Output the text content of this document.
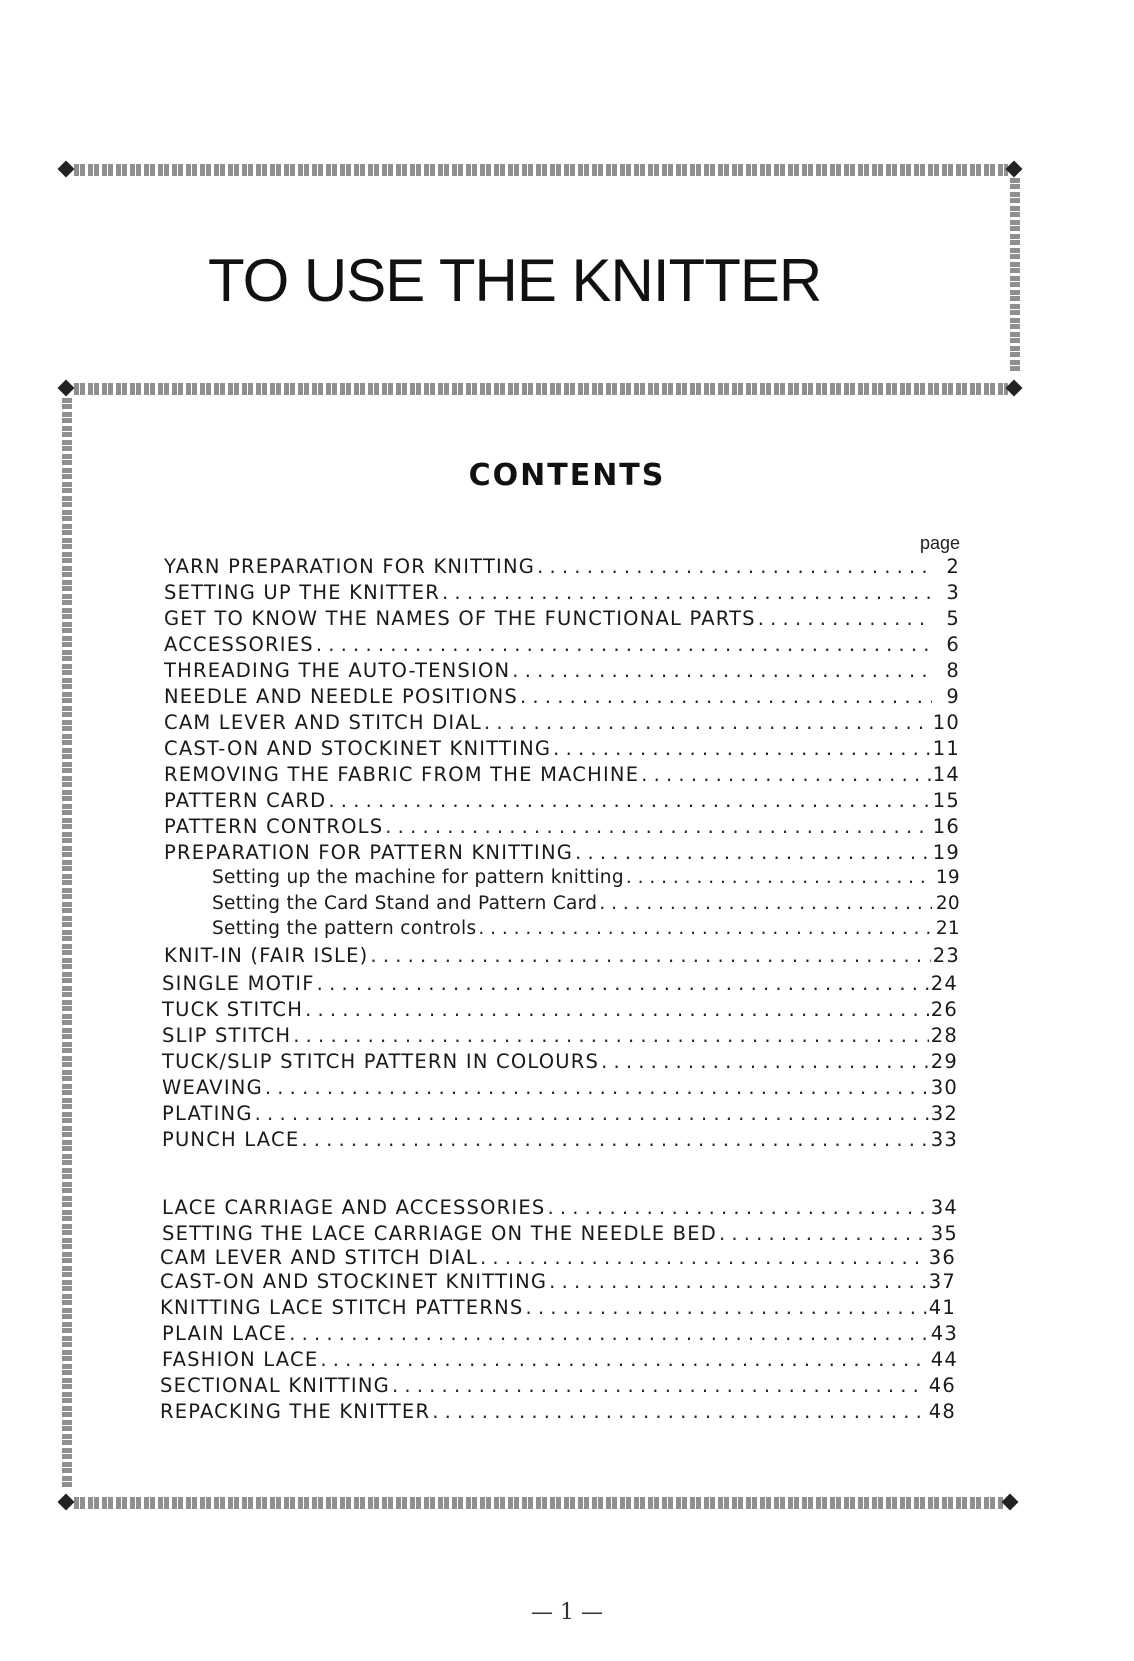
TO USE THE KNITTER
CONTENTS
page
YARN PREPARATION FOR KNITTING . . .	2
SETTING UP THE KNITTER . . .	3
GET TO KNOW THE NAMES OF THE FUNCTIONAL PARTS . . .	5
ACCESSORIES . . .	6
THREADING THE AUTO-TENSION . . .	8
NEEDLE AND NEEDLE POSITIONS . . .	9
CAM LEVER AND STITCH DIAL . . .	10
CAST-ON AND STOCKINET KNITTING . . .	11
REMOVING THE FABRIC FROM THE MACHINE . . .	14
PATTERN CARD . . .	15
PATTERN CONTROLS . . .	16
PREPARATION FOR PATTERN KNITTING . . .	19
Setting up the machine for pattern knitting . . .	19
Setting the Card Stand and Pattern Card . . .	20
Setting the pattern controls . . .	21
KNIT-IN (FAIR ISLE) . . .	23
SINGLE MOTIF . . .	24
TUCK STITCH . . .	26
SLIP STITCH . . .	28
TUCK/SLIP STITCH PATTERN IN COLOURS . . .	29
WEAVING . . .	30
PLATING . . .	32
PUNCH LACE . . .	33
LACE CARRIAGE AND ACCESSORIES . . .	34
SETTING THE LACE CARRIAGE ON THE NEEDLE BED . . .	35
CAM LEVER AND STITCH DIAL . . .	36
CAST-ON AND STOCKINET KNITTING . . .	37
KNITTING LACE STITCH PATTERNS . . .	41
PLAIN LACE . . .	43
FASHION LACE . . .	44
SECTIONAL KNITTING . . .	46
REPACKING THE KNITTER . . .	48
— 1 —
